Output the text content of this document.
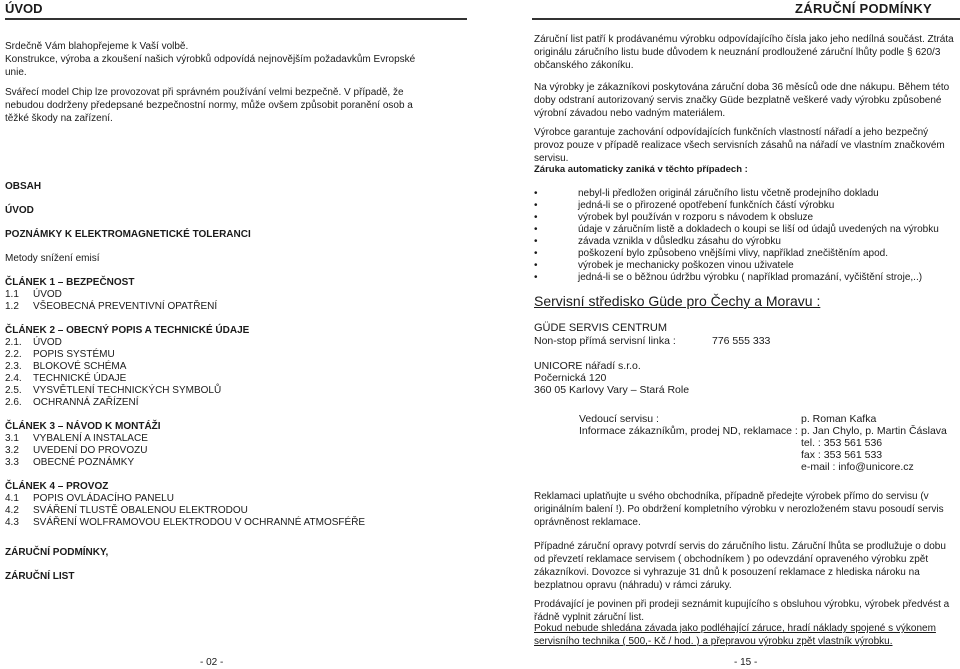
ÚVOD

Srdečně Vám blahopřejeme k Vaší volbě.

Konstrukce, výroba a zkoušení našich výrobků odpovídá nejnovějším požadavkům Evropské unie.

Svářecí model Chip lze provozovat při správném používání velmi bezpečně. V případě, že nebudou dodrženy předepsané bezpečnostní normy, může ovšem způsobit poranění osob a těžké škody na zařízení.

OBSAH
ÚVOD
POZNÁMKY K ELEKTROMAGNETICKÉ TOLERANCI
Metody snížení emisí
ČLÁNEK 1 – BEZPEČNOST
1.1 ÚVOD
1.2 VŠEOBECNÁ PREVENTIVNÍ OPATŘENÍ
ČLÁNEK 2 – OBECNÝ POPIS A TECHNICKÉ ÚDAJE
2.1. ÚVOD
2.2. POPIS SYSTÉMU
2.3. BLOKOVÉ SCHÉMA
2.4. TECHNICKÉ ÚDAJE
2.5. VYSVĚTLENÍ TECHNICKÝCH SYMBOLŮ
2.6. OCHRANNÁ ZAŘÍZENÍ
ČLÁNEK 3 – NÁVOD K MONTÁŽI
3.1 VYBALENÍ A INSTALACE
3.2 UVEDENÍ DO PROVOZU
3.3 OBECNÉ POZNÁMKY
ČLÁNEK 4 – PROVOZ
4.1 POPIS OVLÁDACÍHO PANELU
4.2 SVÁŘENÍ TLUSTĚ OBALENOU ELEKTRODOU
4.3 SVÁŘENÍ WOLFRAMOVOU ELEKTRODOU V OCHRANNÉ ATMOSFÉŘE
ZÁRUČNÍ PODMÍNKY,
ZÁRUČNÍ LIST
- 02 -
ZÁRUČNÍ PODMÍNKY

Záruční list patří k prodávanému výrobku odpovídajícího čísla jako jeho nedílná součást. Ztráta originálu záručního listu bude důvodem k neuznání prodloužené záruční lhůty podle § 620/3 občanského zákoníku.

Na výrobky je zákazníkovi poskytována záruční doba 36 měsíců ode dne nákupu. Během této doby odstraní autorizovaný servis značky Güde bezplatně veškeré vady výrobku způsobené výrobní závadou nebo vadným materiálem.

Výrobce garantuje zachování odpovídajících funkčních vlastností nářadí a jeho bezpečný provoz pouze v případě realizace všech servisních zásahů na nářadí ve vlastním značkovém servisu.

Záruka automaticky zaniká v těchto případech :

•	nebyl-li předložen originál záručního listu včetně prodejního dokladu
•	jedná-li se o přirozené opotřebení funkčních částí výrobku
•	výrobek byl používán v rozporu s návodem k obsluze
•	údaje v záručním listě a dokladech o koupi se liší od údajů uvedených na výrobku
•	závada vznikla v důsledku zásahu do výrobku
•	poškození bylo způsobeno vnějšími vlivy, například znečištěním apod.
•	výrobek je mechanicky poškozen vinou uživatele
•	jedná-li se o běžnou údržbu výrobku ( například promazání, vyčištění stroje,..)
Servisní středisko Güde pro Čechy a Moravu :
GÜDE SERVIS CENTRUM
Non-stop přímá servisní linka :	776 555 333
UNICORE nářadí s.r.o.
Počernická 120
360 05 Karlovy Vary – Stará Role
Vedoucí servisu :	p. Roman Kafka
Informace zákazníkům, prodej ND, reklamace : p. Jan Chylo, p. Martin Čáslava
tel. : 353 561 536
fax : 353 561 533
e-mail : info@unicore.cz

Reklamaci uplatňujte u svého obchodníka, případně předejte výrobek přímo do servisu (v originálním balení !). Po obdržení kompletního výrobku v nerozloženém stavu posoudí servis oprávněnost reklamace.

Případné záruční opravy potvrdí servis do záručního listu. Záruční lhůta se prodlužuje o dobu od převzetí reklamace servisem ( obchodníkem ) po odevzdání opraveného výrobku zpět zákazníkovi. Dovozce si vyhrazuje 31 dnů k posouzení reklamace z hlediska nároku na bezplatnou opravu (náhradu) v rámci záruky.

Prodávající je povinen při prodeji seznámit kupujícího s obsluhou výrobku, výrobek předvést a řádně vyplnit záruční list.

Pokud nebude shledána závada jako podléhající záruce, hradí náklady spojené s výkonem servisního technika ( 500,- Kč / hod. ) a přepravou výrobku zpět vlastník výrobku.

- 15 -
